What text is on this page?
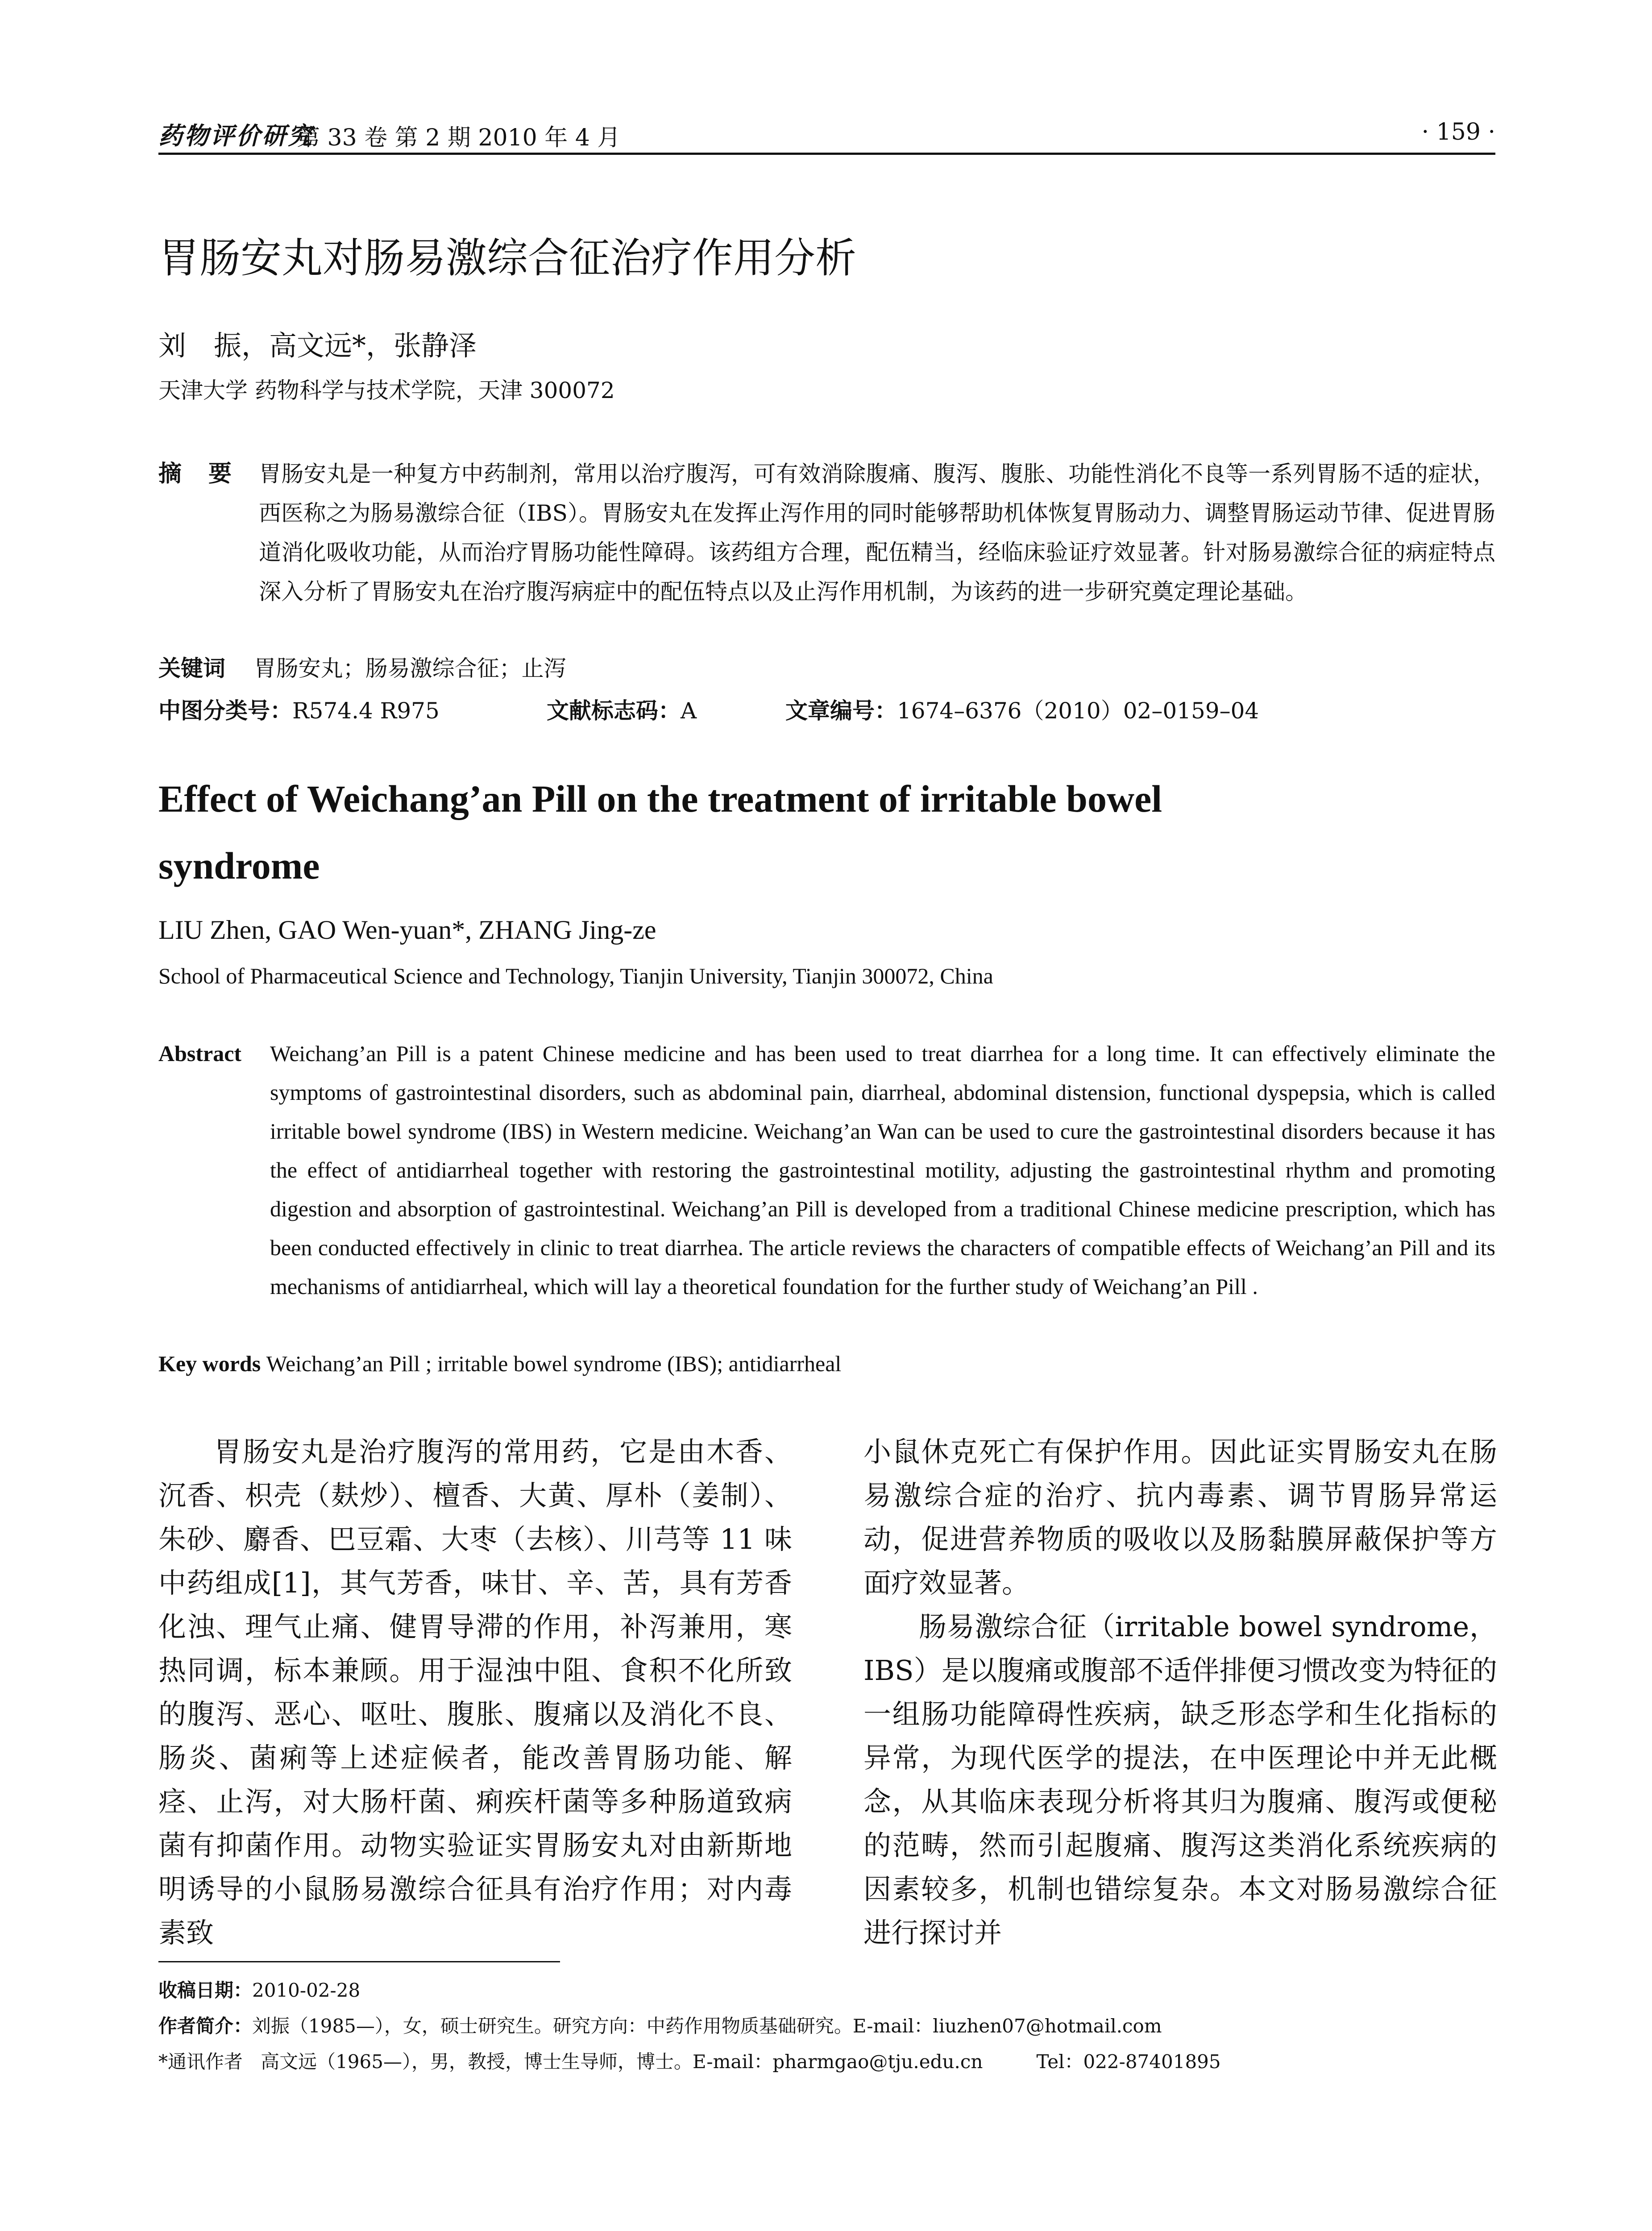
药物评价研究
第 33 卷 第 2 期 2010 年 4 月	· 159 ·
胃肠安丸对肠易激综合征治疗作用分析
刘　振，高文远*，张静泽
天津大学 药物科学与技术学院，天津 300072
摘要 胃肠安丸是一种复方中药制剂，常用以治疗腹泻，可有效消除腹痛、腹泻、腹胀、功能性消化不良等一系列胃肠不适的症状，西医称之为肠易激综合征（IBS）。胃肠安丸在发挥止泻作用的同时能够帮助机体恢复胃肠动力、调整胃肠运动节律、促进胃肠道消化吸收功能，从而治疗胃肠功能性障碍。该药组方合理，配伍精当，经临床验证疗效显著。针对肠易激综合征的病症特点深入分析了胃肠安丸在治疗腹泻病症中的配伍特点以及止泻作用机制，为该药的进一步研究奠定理论基础。
关键词 胃肠安丸；肠易激综合征；止泻
中图分类号：R574.4 R975	文献标志码：A	文章编号：1674–6376（2010）02–0159–04
Effect of Weichang’an Pill on the treatment of irritable bowel syndrome
LIU Zhen, GAO Wen-yuan*, ZHANG Jing-ze
School of Pharmaceutical Science and Technology, Tianjin University, Tianjin 300072, China
Abstract Weichang’an Pill is a patent Chinese medicine and has been used to treat diarrhea for a long time. It can effectively eliminate the symptoms of gastrointestinal disorders, such as abdominal pain, diarrheal, abdominal distension, functional dyspepsia, which is called irritable bowel syndrome (IBS) in Western medicine. Weichang’an Wan can be used to cure the gastrointestinal disorders because it has the effect of antidiarrheal together with restoring the gastrointestinal motility, adjusting the gastrointestinal rhythm and promoting digestion and absorption of gastrointestinal. Weichang’an Pill is developed from a traditional Chinese medicine prescription, which has been conducted effectively in clinic to treat diarrhea. The article reviews the characters of compatible effects of Weichang’an Pill and its mechanisms of antidiarrheal, which will lay a theoretical foundation for the further study of Weichang’an Pill .
Key words Weichang’an Pill ; irritable bowel syndrome (IBS); antidiarrheal

胃肠安丸是治疗腹泻的常用药，它是由木香、沉香、枳壳（麸炒）、檀香、大黄、厚朴（姜制）、朱砂、麝香、巴豆霜、大枣（去核）、川芎等 11 味中药组成[1]，其气芳香，味甘、辛、苦，具有芳香化浊、理气止痛、健胃导滞的作用，补泻兼用，寒热同调，标本兼顾。用于湿浊中阻、食积不化所致的腹泻、恶心、呕吐、腹胀、腹痛以及消化不良、肠炎、菌痢等上述症候者，能改善胃肠功能、解痉、止泻，对大肠杆菌、痢疾杆菌等多种肠道致病菌有抑菌作用。动物实验证实胃肠安丸对由新斯地明诱导的小鼠肠易激综合征具有治疗作用；对内毒素致

小鼠休克死亡有保护作用。因此证实胃肠安丸在肠易激综合症的治疗、抗内毒素、调节胃肠异常运动，促进营养物质的吸收以及肠黏膜屏蔽保护等方面疗效显著。

肠易激综合征（irritable bowel syndrome，IBS）是以腹痛或腹部不适伴排便习惯改变为特征的一组肠功能障碍性疾病，缺乏形态学和生化指标的异常，为现代医学的提法，在中医理论中并无此概念，从其临床表现分析将其归为腹痛、腹泻或便秘的范畴，然而引起腹痛、腹泻这类消化系统疾病的因素较多，机制也错综复杂。本文对肠易激综合征进行探讨并

收稿日期：2010-02-28
作者简介：刘振（1985—），女，硕士研究生。研究方向：中药作用物质基础研究。E-mail：liuzhen07@hotmail.com
*通讯作者 高文远（1965—），男，教授，博士生导师，博士。E-mail：pharmgao@tju.edu.cn	Tel：022-87401895
